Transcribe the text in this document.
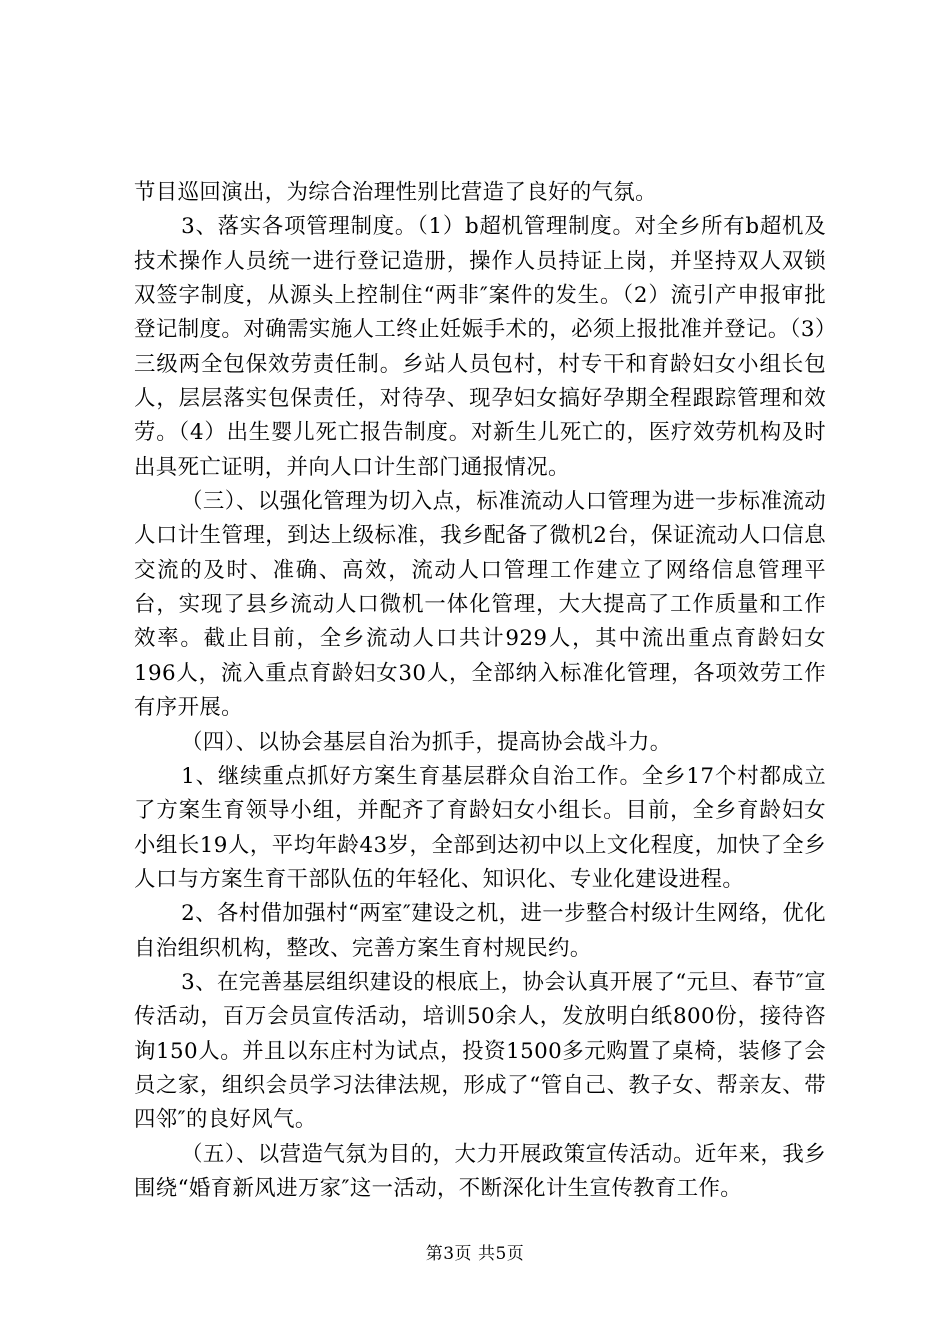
节目巡回演出，为综合治理性别比营造了良好的气氛。

3、落实各项管理制度。（1）b超机管理制度。对全乡所有b超机及技术操作人员统一进行登记造册，操作人员持证上岗，并坚持双人双锁双签字制度，从源头上控制住“两非″案件的发生。（2）流引产申报审批登记制度。对确需实施人工终止妊娠手术的，必须上报批准并登记。（3）三级两全包保效劳责任制。乡站人员包村，村专干和育龄妇女小组长包人，层层落实包保责任，对待孕、现孕妇女搞好孕期全程跟踪管理和效劳。（4）出生婴儿死亡报告制度。对新生儿死亡的，医疗效劳机构及时出具死亡证明，并向人口计生部门通报情况。

（三）、以强化管理为切入点，标准流动人口管理为进一步标准流动人口计生管理，到达上级标准，我乡配备了微机2台，保证流动人口信息交流的及时、准确、高效，流动人口管理工作建立了网络信息管理平台，实现了县乡流动人口微机一体化管理，大大提高了工作质量和工作效率。截止目前，全乡流动人口共计929人，其中流出重点育龄妇女196人，流入重点育龄妇女30人，全部纳入标准化管理，各项效劳工作有序开展。

（四）、以协会基层自治为抓手，提高协会战斗力。

1、继续重点抓好方案生育基层群众自治工作。全乡17个村都成立了方案生育领导小组，并配齐了育龄妇女小组长。目前，全乡育龄妇女小组长19人，平均年龄43岁，全部到达初中以上文化程度，加快了全乡人口与方案生育干部队伍的年轻化、知识化、专业化建设进程。

2、各村借加强村“两室″建设之机，进一步整合村级计生网络，优化自治组织机构，整改、完善方案生育村规民约。

3、在完善基层组织建设的根底上，协会认真开展了“元旦、春节″宣传活动，百万会员宣传活动，培训50余人，发放明白纸800份，接待咨询150人。并且以东庄村为试点，投资1500多元购置了桌椅，装修了会员之家，组织会员学习法律法规，形成了“管自己、教子女、帮亲友、带四邻″的良好风气。

（五）、以营造气氛为目的，大力开展政策宣传活动。近年来，我乡围绕“婚育新风进万家″这一活动，不断深化计生宣传教育工作。

第3页 共5页
